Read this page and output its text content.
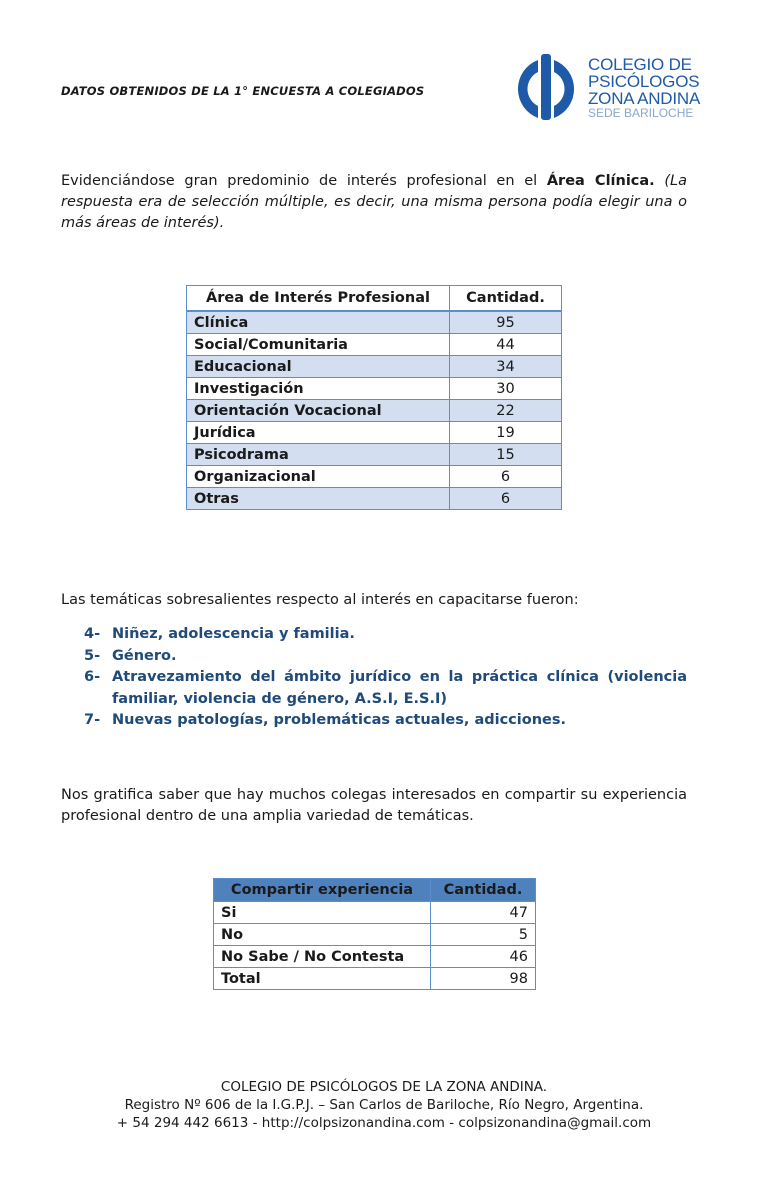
DATOS OBTENIDOS DE LA 1° ENCUESTA A COLEGIADOS
COLEGIO DE
PSICÓLOGOS
ZONA ANDINA
SEDE BARILOCHE
Evidenciándose gran predominio de interés profesional en el Área Clínica. (La respuesta era de selección múltiple, es decir, una misma persona podía elegir una o más áreas de interés).
Área de Interés Profesional	Cantidad.
Clínica	95
Social/Comunitaria	44
Educacional	34
Investigación	30
Orientación Vocacional	22
Jurídica	19
Psicodrama	15
Organizacional	6
Otras	6
Las temáticas sobresalientes respecto al interés en capacitarse fueron:
4- Niñez, adolescencia y familia.
5- Género.
6- Atravezamiento del ámbito jurídico en la práctica clínica (violencia familiar, violencia de género, A.S.I, E.S.I)
7- Nuevas patologías, problemáticas actuales, adicciones.
Nos gratifica saber que hay muchos colegas interesados en compartir su experiencia profesional dentro de una amplia variedad de temáticas.
Compartir experiencia	Cantidad.
Si	47
No	5
No Sabe / No Contesta	46
Total	98
COLEGIO DE PSICÓLOGOS DE LA ZONA ANDINA.
Registro Nº 606 de la I.G.P.J. – San Carlos de Bariloche, Río Negro, Argentina.
+ 54 294 442 6613 - http://colpsizonandina.com - colpsizonandina@gmail.com
